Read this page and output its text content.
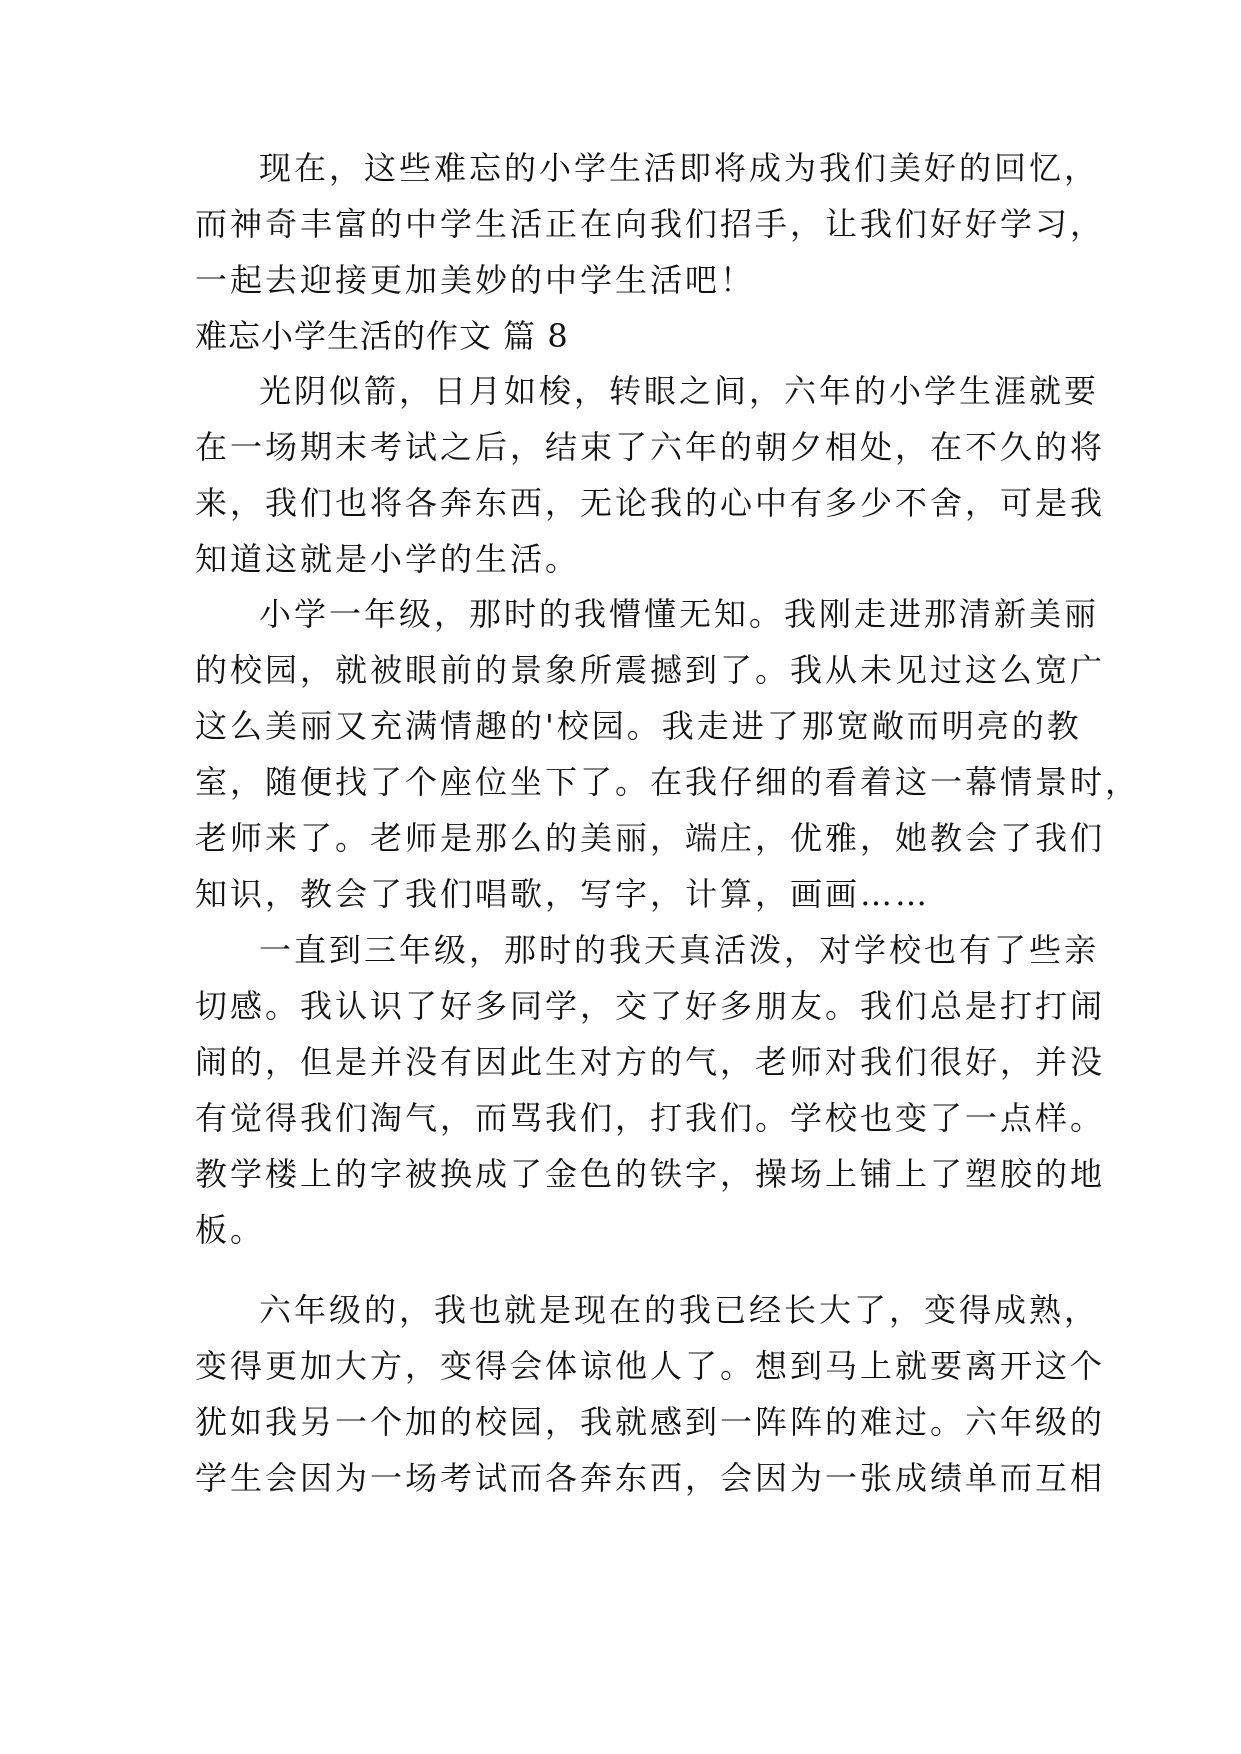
现在，这些难忘的小学生活即将成为我们美好的回忆，
而神奇丰富的中学生活正在向我们招手，让我们好好学习，
一起去迎接更加美妙的中学生活吧！
难忘小学生活的作文 篇 8
光阴似箭，日月如梭，转眼之间，六年的小学生涯就要
在一场期末考试之后，结束了六年的朝夕相处，在不久的将
来，我们也将各奔东西，无论我的心中有多少不舍，可是我
知道这就是小学的生活。
小学一年级，那时的我懵懂无知。我刚走进那清新美丽
的校园，就被眼前的景象所震撼到了。我从未见过这么宽广
这么美丽又充满情趣的'校园。我走进了那宽敞而明亮的教
室，随便找了个座位坐下了。在我仔细的看着这一幕情景时，
老师来了。老师是那么的美丽，端庄，优雅，她教会了我们
知识，教会了我们唱歌，写字，计算，画画……
一直到三年级，那时的我天真活泼，对学校也有了些亲
切感。我认识了好多同学，交了好多朋友。我们总是打打闹
闹的，但是并没有因此生对方的气，老师对我们很好，并没
有觉得我们淘气，而骂我们，打我们。学校也变了一点样。
教学楼上的字被换成了金色的铁字，操场上铺上了塑胶的地
板。
六年级的，我也就是现在的我已经长大了，变得成熟，
变得更加大方，变得会体谅他人了。想到马上就要离开这个
犹如我另一个加的校园，我就感到一阵阵的难过。六年级的
学生会因为一场考试而各奔东西，会因为一张成绩单而互相
